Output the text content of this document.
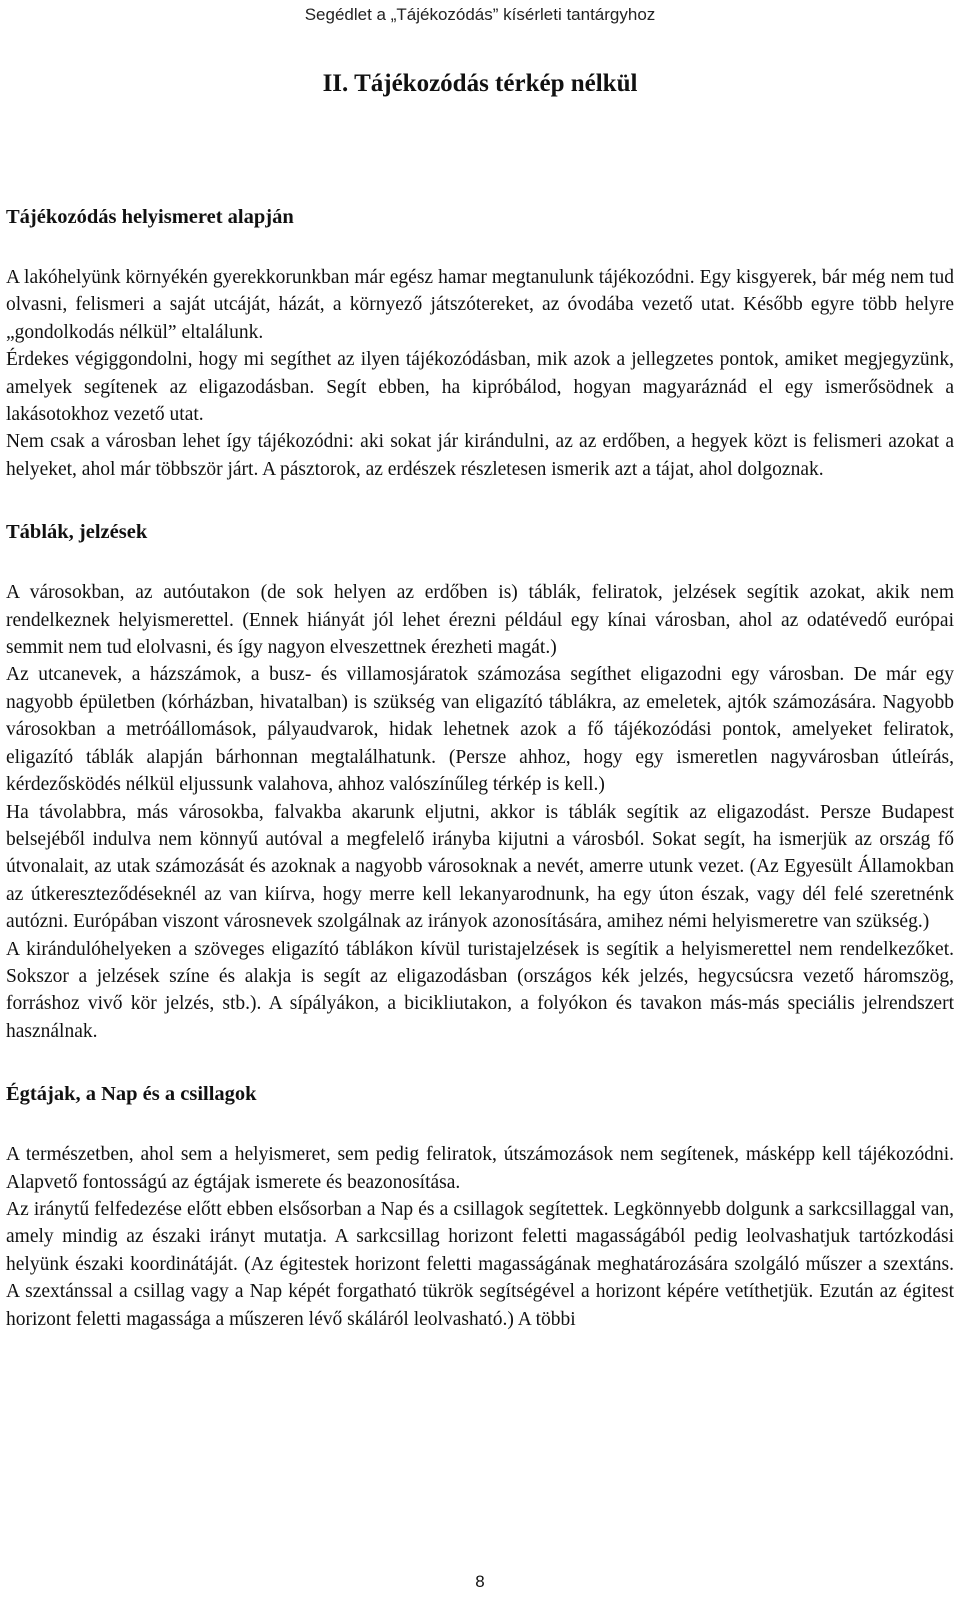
Segédlet a „Tájékozódás” kísérleti tantárgyhoz
II. Tájékozódás térkép nélkül
Tájékozódás helyismeret alapján

A lakóhelyünk környékén gyerekkorunkban már egész hamar megtanulunk tájékozódni. Egy kisgyerek, bár még nem tud olvasni, felismeri a saját utcáját, házát, a környező játszótereket, az óvodába vezető utat. Később egyre több helyre „gondolkodás nélkül” eltalálunk.

Érdekes végiggondolni, hogy mi segíthet az ilyen tájékozódásban, mik azok a jellegzetes pontok, amiket megjegyzünk, amelyek segítenek az eligazodásban. Segít ebben, ha kipróbálod, hogyan magyaráznád el egy ismerősödnek a lakásotokhoz vezető utat.

Nem csak a városban lehet így tájékozódni: aki sokat jár kirándulni, az az erdőben, a hegyek közt is felismeri azokat a helyeket, ahol már többször járt. A pásztorok, az erdészek részletesen ismerik azt a tájat, ahol dolgoznak.

Táblák, jelzések

A városokban, az autóutakon (de sok helyen az erdőben is) táblák, feliratok, jelzések segítik azokat, akik nem rendelkeznek helyismerettel. (Ennek hiányát jól lehet érezni például egy kínai városban, ahol az odatévedő európai semmit nem tud elolvasni, és így nagyon elveszettnek érezheti magát.)

Az utcanevek, a házszámok, a busz- és villamosjáratok számozása segíthet eligazodni egy városban. De már egy nagyobb épületben (kórházban, hivatalban) is szükség van eligazító táblákra, az emeletek, ajtók számozására. Nagyobb városokban a metróállomások, pályaudvarok, hidak lehetnek azok a fő tájékozódási pontok, amelyeket feliratok, eligazító táblák alapján bárhonnan megtalálhatunk. (Persze ahhoz, hogy egy ismeretlen nagyvárosban útleírás, kérdezősködés nélkül eljussunk valahova, ahhoz valószínűleg térkép is kell.)

Ha távolabbra, más városokba, falvakba akarunk eljutni, akkor is táblák segítik az eligazodást. Persze Budapest belsejéből indulva nem könnyű autóval a megfelelő irányba kijutni a városból. Sokat segít, ha ismerjük az ország fő útvonalait, az utak számozását és azoknak a nagyobb városoknak a nevét, amerre utunk vezet. (Az Egyesült Államokban az útkereszteződéseknél az van kiírva, hogy merre kell lekanyarodnunk, ha egy úton észak, vagy dél felé szeretnénk autózni. Európában viszont városnevek szolgálnak az irányok azonosítására, amihez némi helyismeretre van szükség.)

A kirándulóhelyeken a szöveges eligazító táblákon kívül turistajelzések is segítik a helyismerettel nem rendelkezőket. Sokszor a jelzések színe és alakja is segít az eligazodásban (országos kék jelzés, hegycsúcsra vezető háromszög, forráshoz vivő kör jelzés, stb.). A sípályákon, a bicikliutakon, a folyókon és tavakon más-más speciális jelrendszert használnak.

Égtájak, a Nap és a csillagok

A természetben, ahol sem a helyismeret, sem pedig feliratok, útszámozások nem segítenek, másképp kell tájékozódni. Alapvető fontosságú az égtájak ismerete és beazonosítása.

Az iránytű felfedezése előtt ebben elsősorban a Nap és a csillagok segítettek. Legkönnyebb dolgunk a sarkcsillaggal van, amely mindig az északi irányt mutatja. A sarkcsillag horizont feletti magasságából pedig leolvashatjuk tartózkodási helyünk északi koordinátáját. (Az égitestek horizont feletti magasságának meghatározására szolgáló műszer a szextáns. A szextánssal a csillag vagy a Nap képét forgatható tükrök segítségével a horizont képére vetíthetjük. Ezután az égitest horizont feletti magassága a műszeren lévő skáláról leolvasható.) A többi

8
